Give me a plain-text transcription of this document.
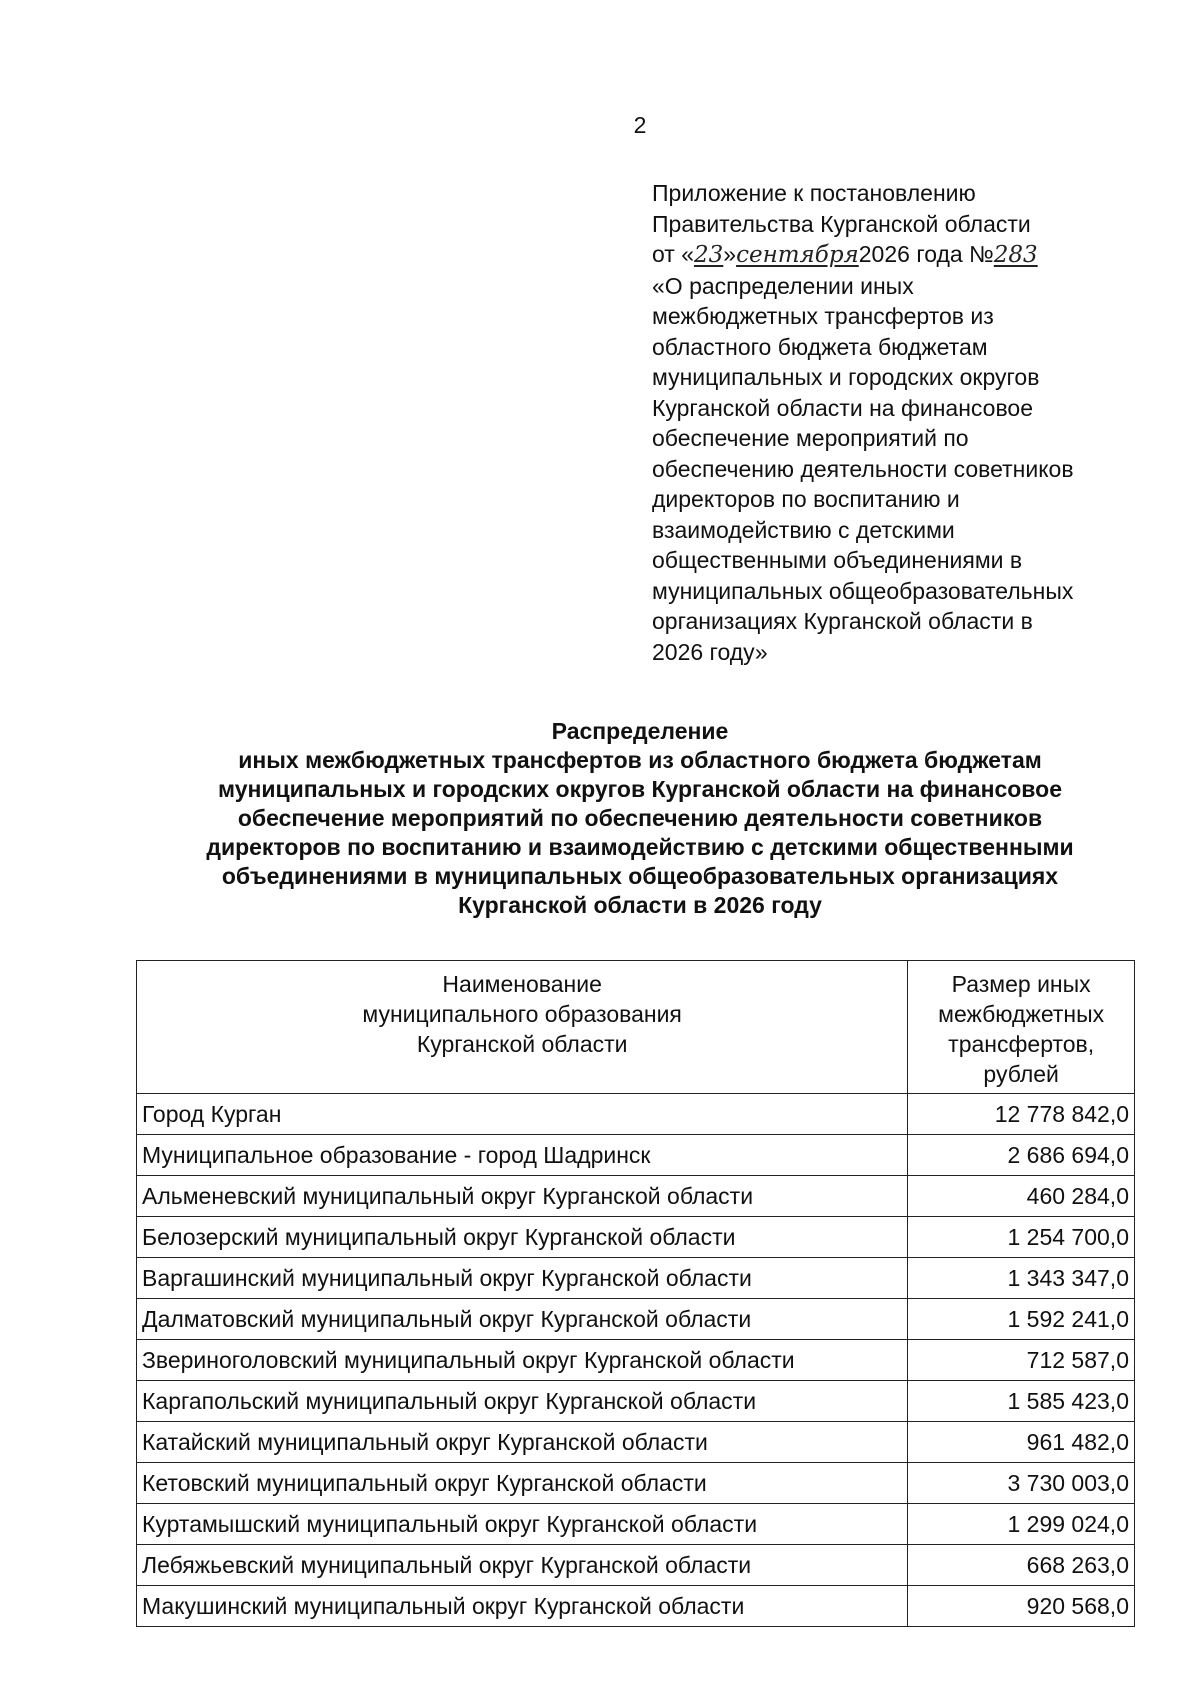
2
Приложение к постановлению
Правительства Курганской области
от «23»сентября2026 года №283
«О распределении иных
межбюджетных трансфертов из
областного бюджета бюджетам
муниципальных и городских округов
Курганской области на финансовое
обеспечение мероприятий по
обеспечению деятельности советников
директоров по воспитанию и
взаимодействию с детскими
общественными объединениями в
муниципальных общеобразовательных
организациях Курганской области в
2026 году»
Распределение
иных межбюджетных трансфертов из областного бюджета бюджетам
муниципальных и городских округов Курганской области на финансовое
обеспечение мероприятий по обеспечению деятельности советников
директоров по воспитанию и взаимодействию с детскими общественными
объединениями в муниципальных общеобразовательных организациях
Курганской области в 2026 году
Наименование
муниципального образования
Курганской области	Размер иных
межбюджетных
трансфертов,
рублей

Город Курган	12 778 842,0
Муниципальное образование - город Шадринск	2 686 694,0
Альменевский муниципальный округ Курганской области	460 284,0
Белозерский муниципальный округ Курганской области	1 254 700,0
Варгашинский муниципальный округ Курганской области	1 343 347,0
Далматовский муниципальный округ Курганской области	1 592 241,0
Звериноголовский муниципальный округ Курганской области	712 587,0
Каргапольский муниципальный округ Курганской области	1 585 423,0
Катайский муниципальный округ Курганской области	961 482,0
Кетовский муниципальный округ Курганской области	3 730 003,0
Куртамышский муниципальный округ Курганской области	1 299 024,0
Лебяжьевский муниципальный округ Курганской области	668 263,0
Макушинский муниципальный округ Курганской области	920 568,0
